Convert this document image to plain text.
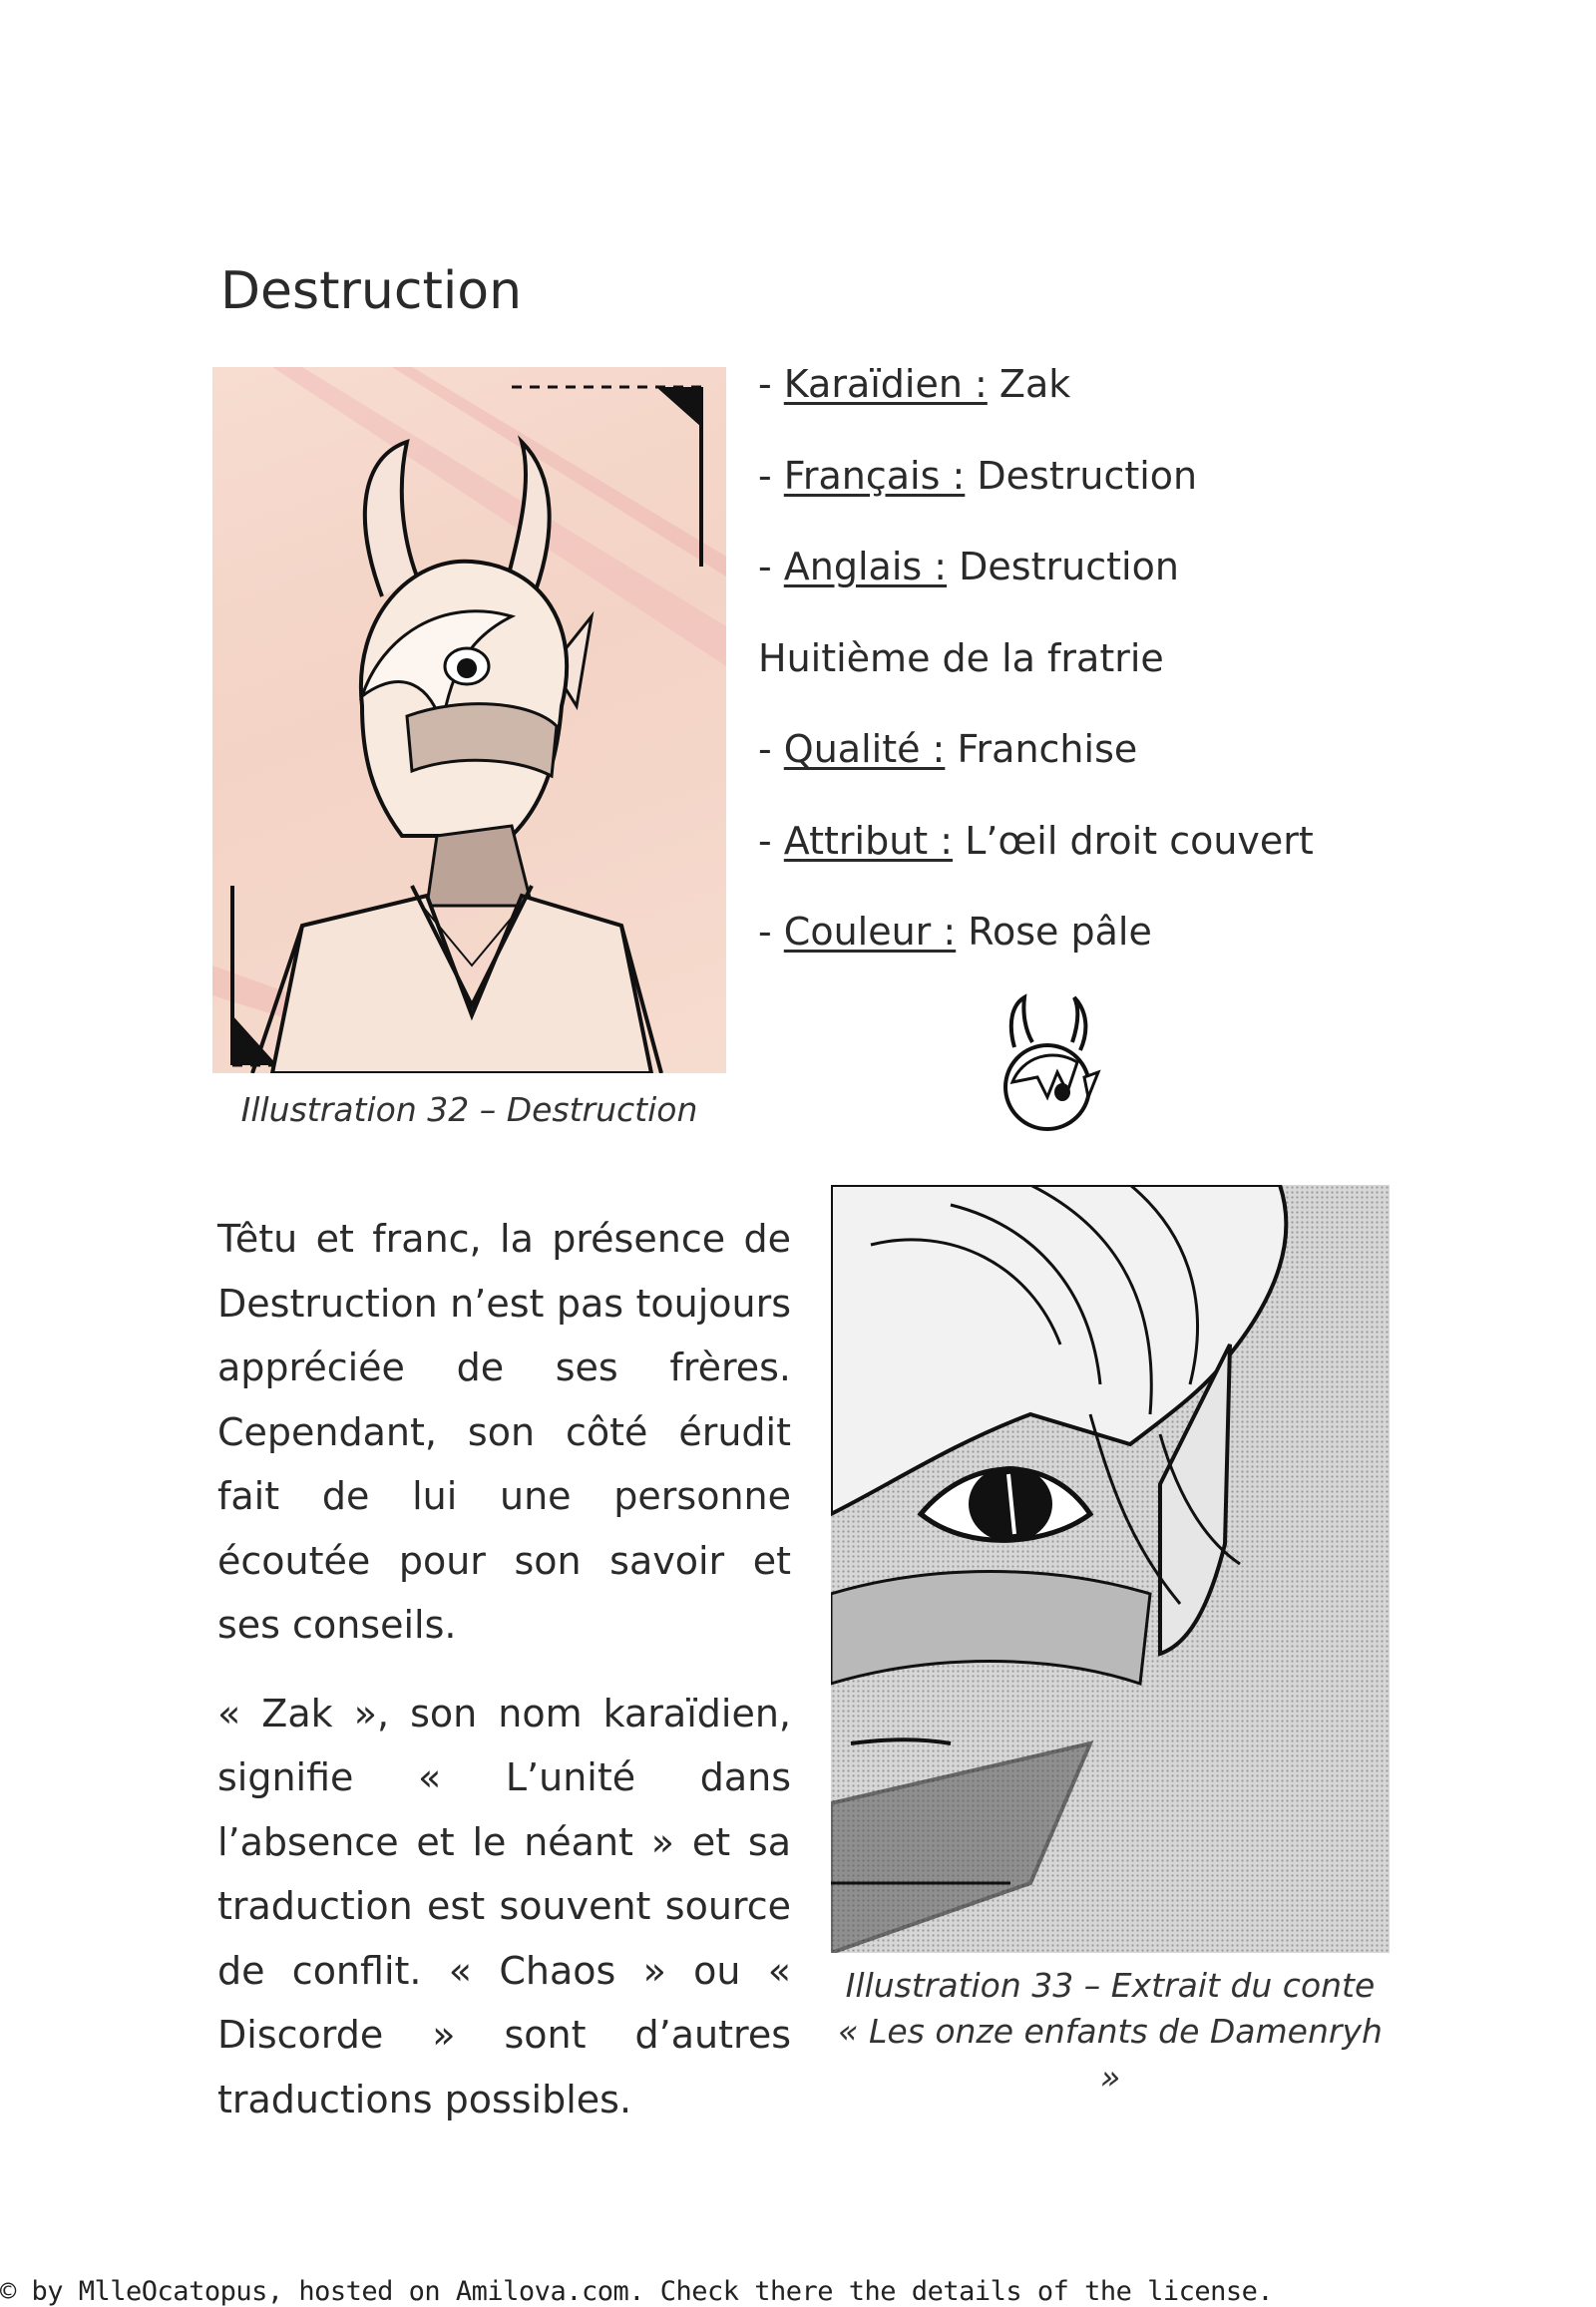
Destruction
Illustration 32 – Destruction
- Karaïdien : Zak
- Français : Destruction
- Anglais : Destruction
Huitième de la fratrie
- Qualité : Franchise
- Attribut : L’œil droit couvert
- Couleur : Rose pâle

Têtu et franc, la présence de Destruction n’est pas toujours appréciée de ses frères. Cependant, son côté érudit fait de lui une personne écoutée pour son savoir et ses conseils.

« Zak », son nom karaïdien, signifie « L’unité dans l’absence et le néant » et sa traduction est souvent source de conflit. « Chaos » ou « Discorde » sont d’autres traductions possibles.

Illustration 33 – Extrait du conte
« Les onze enfants de Damenryh »
© by MlleOcatopus, hosted on Amilova.com. Check there the details of the license.
